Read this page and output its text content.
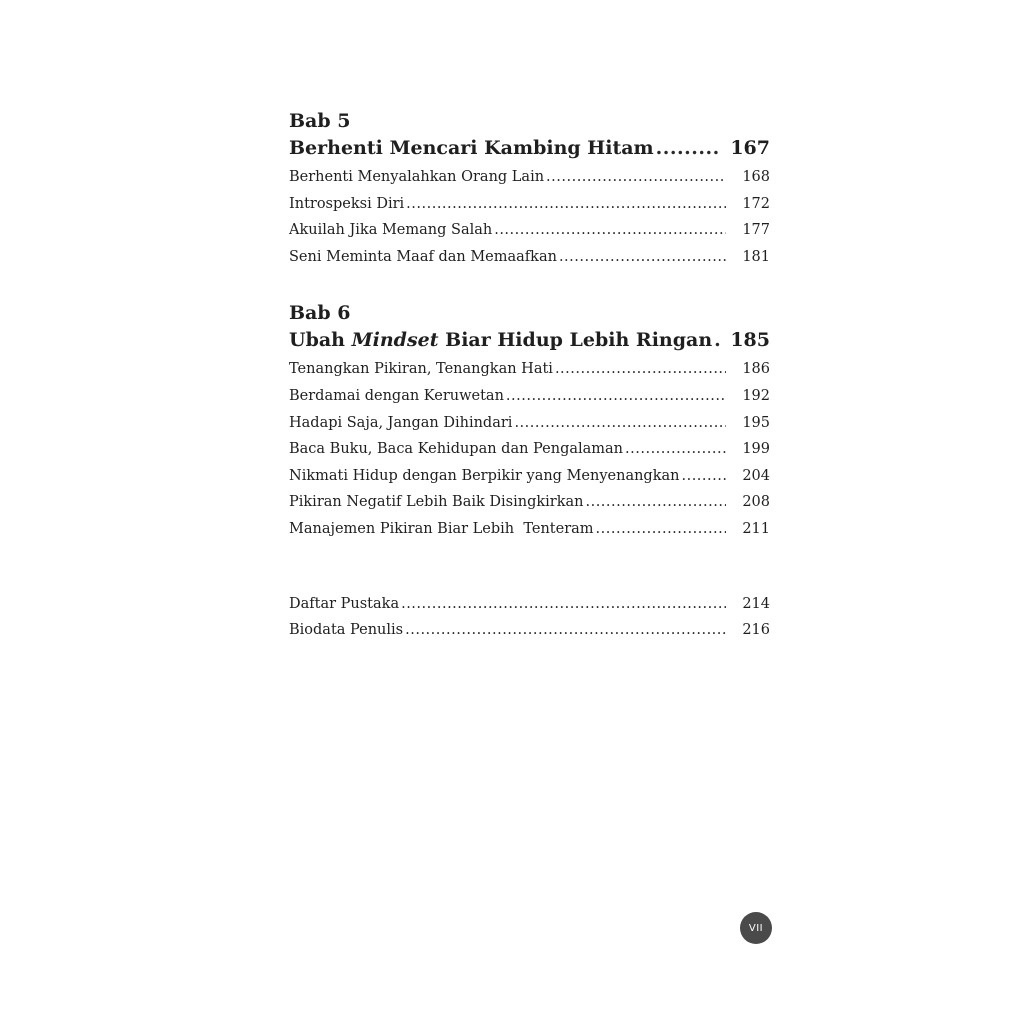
Bab 5
Berhenti Mencari Kambing Hitam .....	167
Berhenti Menyalahkan Orang Lain .....	168
Introspeksi Diri .....	172
Akuilah Jika Memang Salah .....	177
Seni Meminta Maaf dan Memaafkan .....	181
Bab 6
Ubah Mindset Biar Hidup Lebih Ringan ..... 185
Tenangkan Pikiran, Tenangkan Hati .....	186
Berdamai dengan Keruwetan .....	192
Hadapi Saja, Jangan Dihindari .....	195
Baca Buku, Baca Kehidupan dan Pengalaman .....	199
Nikmati Hidup dengan Berpikir yang Menyenangkan .....	204
Pikiran Negatif Lebih Baik Disingkirkan .....	208
Manajemen Pikiran Biar Lebih  Tenteram .....	211
Daftar Pustaka .....	214
Biodata Penulis .....	216
VII
